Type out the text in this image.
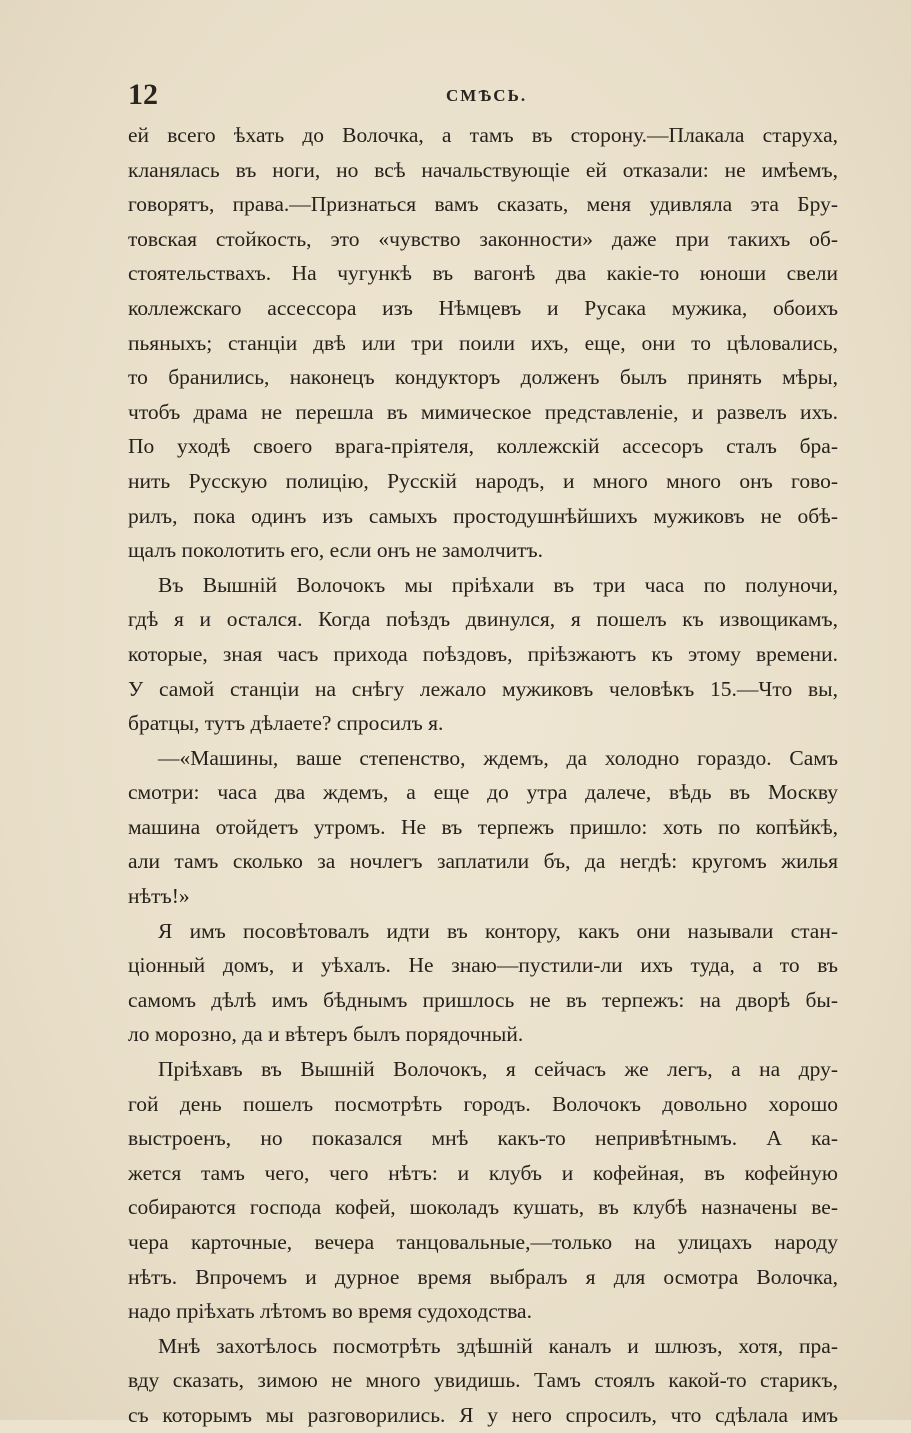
12	СМѢСЬ.
ей всего ѣхать до Волочка, а тамъ въ сторону.—Плакала старуха,
кланялась въ ноги, но всѣ начальствующіе ей отказали: не имѣемъ,
говорятъ, права.—Признаться вамъ сказать, меня удивляла эта Бру-
товская стойкость, это «чувство законности» даже при такихъ об-
стоятельствахъ. На чугункѣ въ вагонѣ два какіе-то юноши свели
коллежскаго ассессора изъ Нѣмцевъ и Русака мужика, обоихъ
пьяныхъ; станціи двѣ или три поили ихъ, еще, они то цѣловались,
то бранились, наконецъ кондукторъ долженъ былъ принять мѣры,
чтобъ драма не перешла въ мимическое представленіе, и развелъ ихъ.
По уходѣ своего врага-пріятеля, коллежскій ассесоръ сталъ бра-
нить Русскую полицію, Русскій народъ, и много много онъ гово-
рилъ, пока одинъ изъ самыхъ простодушнѣйшихъ мужиковъ не обѣ-
щалъ поколотить его, если онъ не замолчитъ.
Въ Вышній Волочокъ мы пріѣхали въ три часа по полуночи,
гдѣ я и остался. Когда поѣздъ двинулся, я пошелъ къ извощикамъ,
которые, зная часъ прихода поѣздовъ, пріѣзжаютъ къ этому времени.
У самой станціи на снѣгу лежало мужиковъ человѣкъ 15.—Что вы,
братцы, тутъ дѣлаете? спросилъ я.
—«Машины, ваше степенство, ждемъ, да холодно гораздо. Самъ
смотри: часа два ждемъ, а еще до утра далече, вѣдь въ Москву
машина отойдетъ утромъ. Не въ терпежъ пришло: хоть по копѣйкѣ,
али тамъ сколько за ночлегъ заплатили бъ, да негдѣ: кругомъ жилья
нѣтъ!»
Я имъ посовѣтовалъ идти въ контору, какъ они называли стан-
ціонный домъ, и уѣхалъ. Не знаю—пустили-ли ихъ туда, а то въ
самомъ дѣлѣ имъ бѣднымъ пришлось не въ терпежъ: на дворѣ бы-
ло морозно, да и вѣтеръ былъ порядочный.
Пріѣхавъ въ Вышній Волочокъ, я сейчасъ же легъ, а на дру-
гой день пошелъ посмотрѣть городъ. Волочокъ довольно хорошо
выстроенъ, но показался мнѣ какъ-то непривѣтнымъ. А ка-
жется тамъ чего, чего нѣтъ: и клубъ и кофейная, въ кофейную
собираются господа кофей, шоколадъ кушать, въ клубѣ назначены ве-
чера карточные, вечера танцовальные,—только на улицахъ народу
нѣтъ. Впрочемъ и дурное время выбралъ я для осмотра Волочка,
надо пріѣхать лѣтомъ во время судоходства.
Мнѣ захотѣлось посмотрѣть здѣшній каналъ и шлюзъ, хотя, пра-
вду сказать, зимою не много увидишь. Тамъ стоялъ какой-то старикъ,
съ которымъ мы разговорились. Я у него спросилъ, что сдѣлала имъ
